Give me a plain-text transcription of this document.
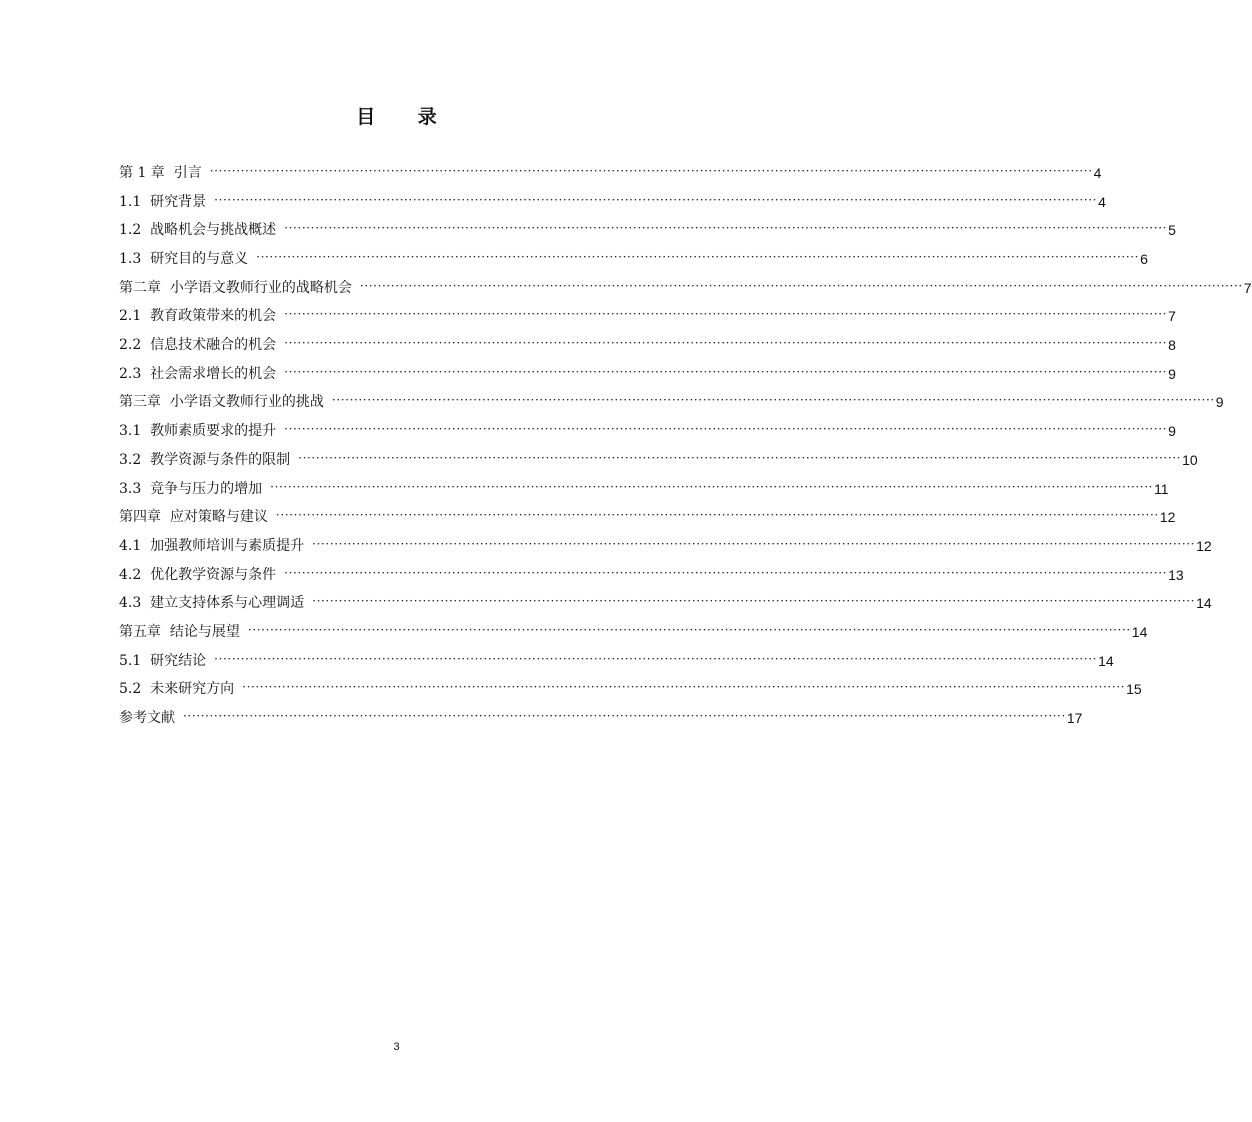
目 录
第 1 章  引言 ········································································································································································································ 4
1.1  研究背景 ········································································································································································································ 4
1.2  战略机会与挑战概述 ········································································································································································································ 5
1.3  研究目的与意义 ········································································································································································································ 6
第二章  小学语文教师行业的战略机会 ········································································································································································································ 7
2.1  教育政策带来的机会 ········································································································································································································ 7
2.2  信息技术融合的机会 ········································································································································································································ 8
2.3  社会需求增长的机会 ········································································································································································································ 9
第三章  小学语文教师行业的挑战 ········································································································································································································ 9
3.1  教师素质要求的提升 ········································································································································································································ 9
3.2  教学资源与条件的限制 ········································································································································································································ 10
3.3  竞争与压力的增加 ········································································································································································································ 11
第四章  应对策略与建议 ········································································································································································································ 12
4.1  加强教师培训与素质提升 ········································································································································································································ 12
4.2  优化教学资源与条件 ········································································································································································································ 13
4.3  建立支持体系与心理调适 ········································································································································································································ 14
第五章  结论与展望 ········································································································································································································ 14
5.1  研究结论 ········································································································································································································ 14
5.2  未来研究方向 ········································································································································································································ 15
参考文献 ········································································································································································································ 17
3
